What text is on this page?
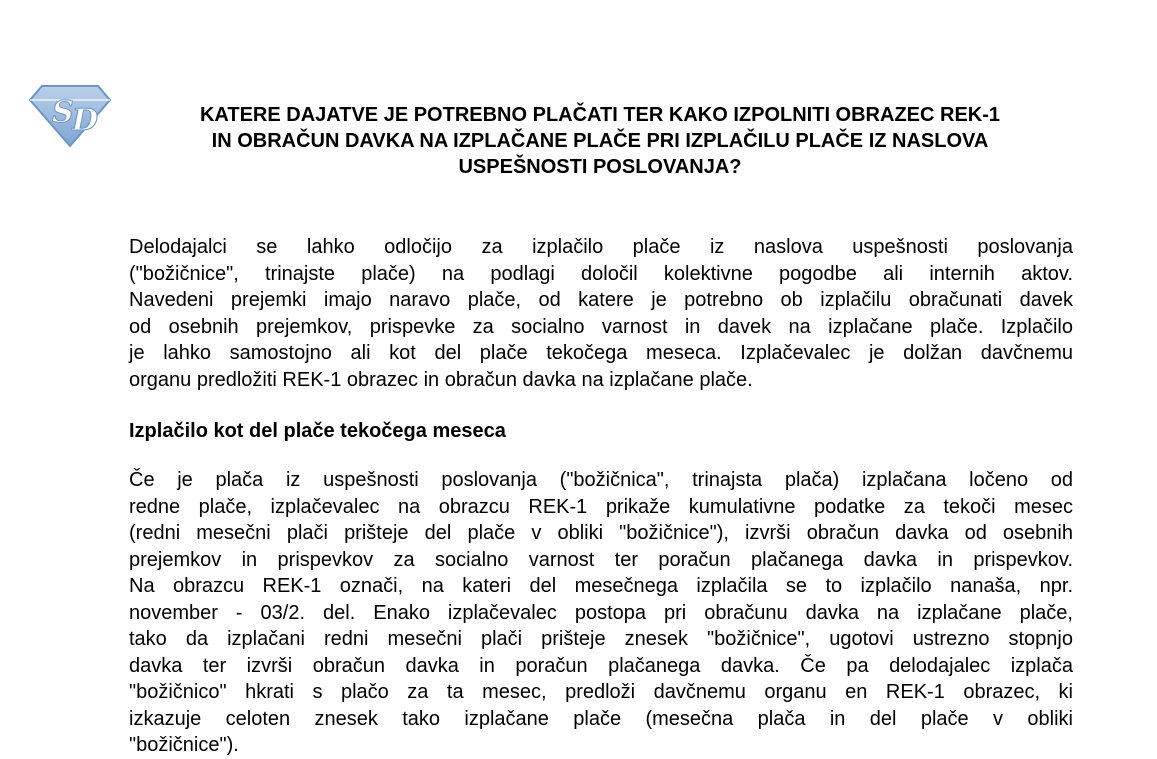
S
D	KATERE DAJATVE JE POTREBNO PLAČATI TER KAKO IZPOLNITI OBRAZEC REK-1
IN OBRAČUN DAVKA NA IZPLAČANE PLAČE PRI IZPLAČILU PLAČE IZ NASLOVA
USPEŠNOSTI POSLOVANJA?

Delodajalci se lahko odločijo za izplačilo plače iz naslova uspešnosti poslovanja
("božičnice", trinajste plače) na podlagi določil kolektivne pogodbe ali internih aktov.
Navedeni prejemki imajo naravo plače, od katere je potrebno ob izplačilu obračunati davek
od osebnih prejemkov, prispevke za socialno varnost in davek na izplačane plače. Izplačilo
je lahko samostojno ali kot del plače tekočega meseca. Izplačevalec je dolžan davčnemu
organu predložiti REK-1 obrazec in obračun davka na izplačane plače.

Izplačilo kot del plače tekočega meseca

Če je plača iz uspešnosti poslovanja ("božičnica", trinajsta plača) izplačana ločeno od
redne plače, izplačevalec na obrazcu REK-1 prikaže kumulativne podatke za tekoči mesec
(redni mesečni plači prišteje del plače v obliki "božičnice"), izvrši obračun davka od osebnih
prejemkov in prispevkov za socialno varnost ter poračun plačanega davka in prispevkov.
Na obrazcu REK-1 označi, na kateri del mesečnega izplačila se to izplačilo nanaša, npr.
november - 03/2. del. Enako izplačevalec postopa pri obračunu davka na izplačane plače,
tako da izplačani redni mesečni plači prišteje znesek "božičnice", ugotovi ustrezno stopnjo
davka ter izvrši obračun davka in poračun plačanega davka. Če pa delodajalec izplača
"božičnico" hkrati s plačo za ta mesec, predloži davčnemu organu en REK-1 obrazec, ki
izkazuje celoten znesek tako izplačane plače (mesečna plača in del plače v obliki
"božičnice").
